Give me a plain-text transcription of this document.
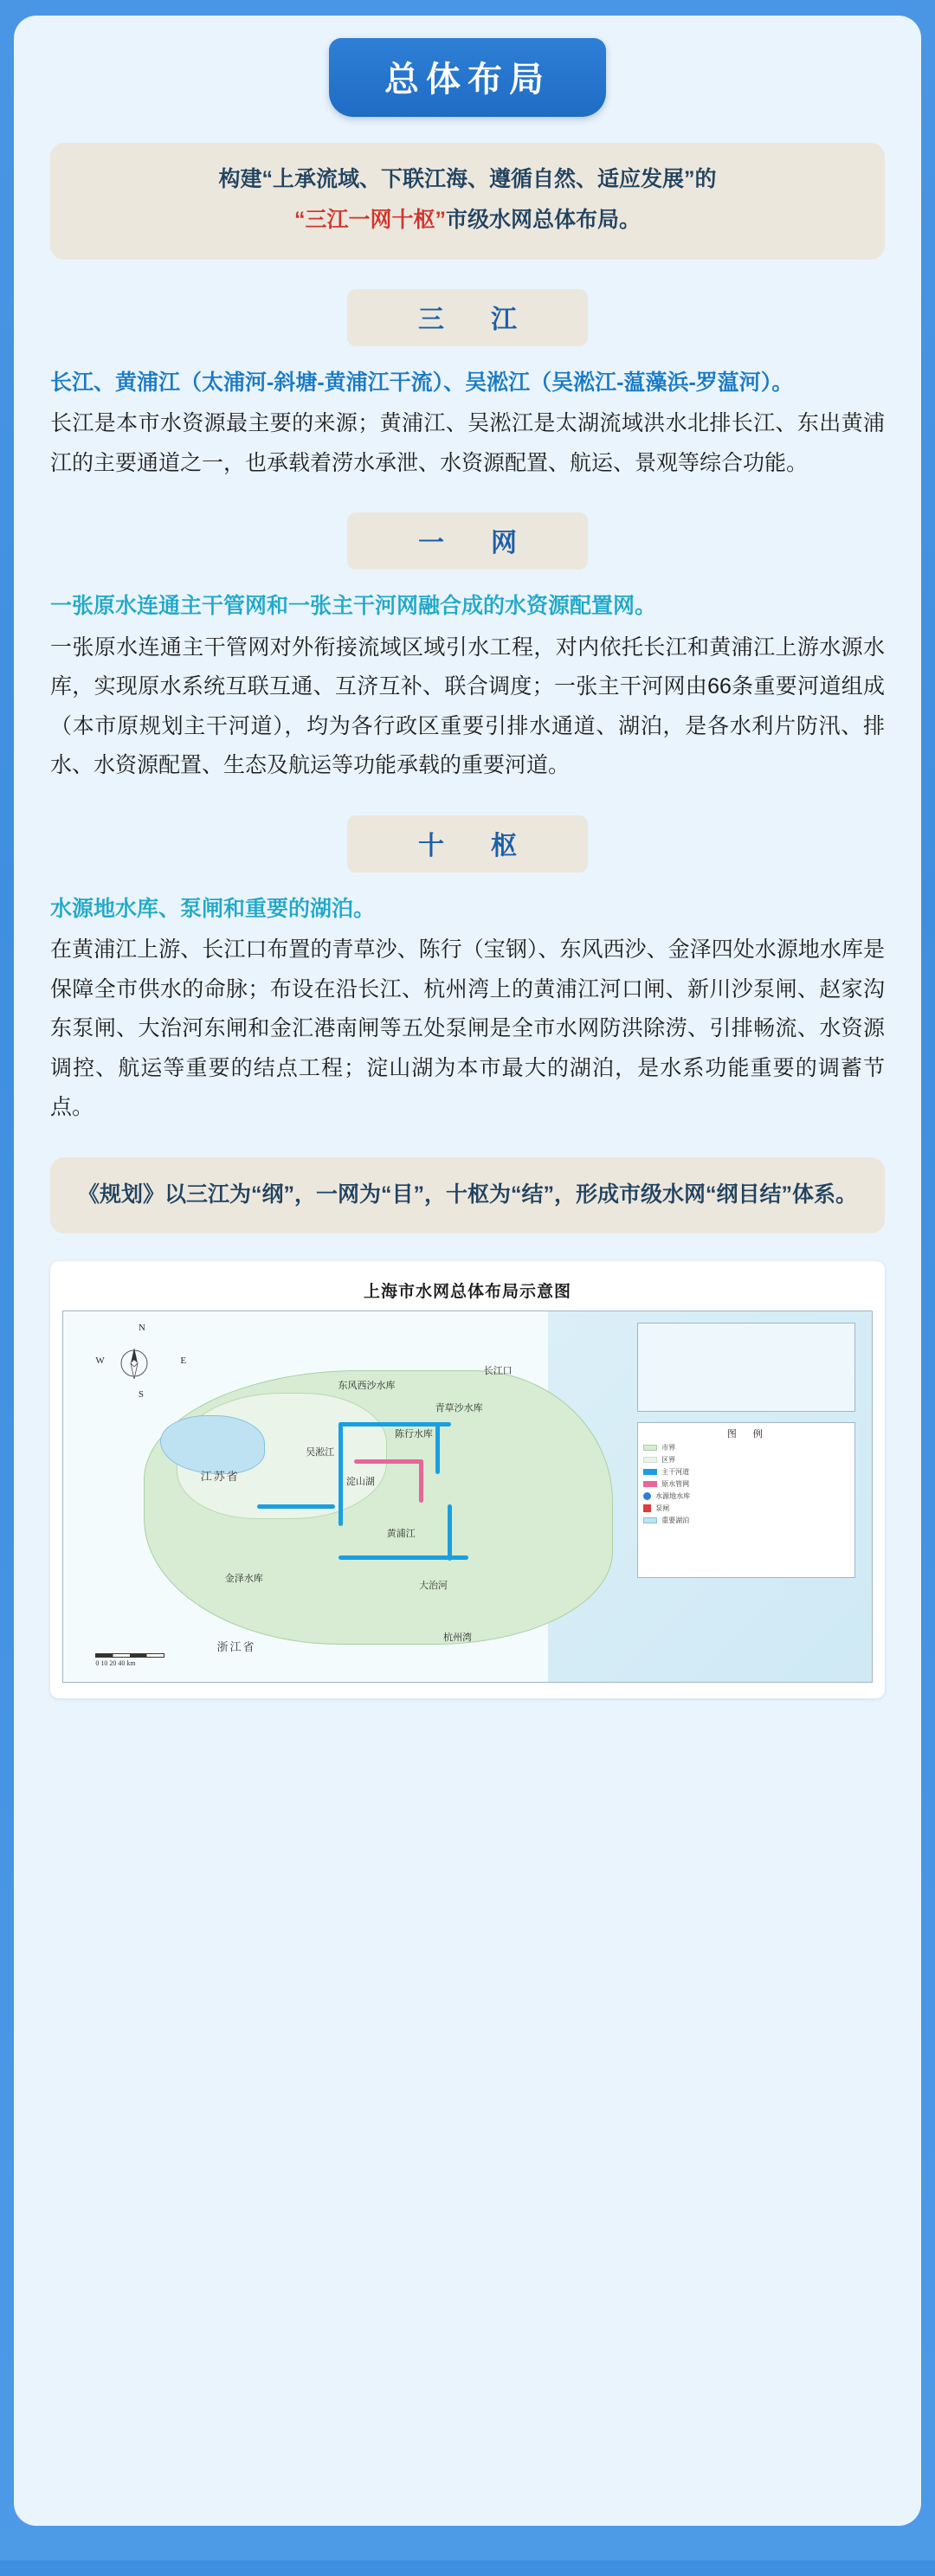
总体布局
构建“上承流域、下联江海、遵循自然、适应发展”的
“三江一网十枢”市级水网总体布局。
三　江
长江、黄浦江（太浦河-斜塘-黄浦江干流）、吴淞江（吴淞江-蕰藻浜-罗蕰河）。
长江是本市水资源最主要的来源；黄浦江、吴淞江是太湖流域洪水北排长江、东出黄浦江的主要通道之一，也承载着涝水承泄、水资源配置、航运、景观等综合功能。
一　网
一张原水连通主干管网和一张主干河网融合成的水资源配置网。
一张原水连通主干管网对外衔接流域区域引水工程，对内依托长江和黄浦江上游水源水库，实现原水系统互联互通、互济互补、联合调度；一张主干河网由66条重要河道组成（本市原规划主干河道），均为各行政区重要引排水通道、湖泊，是各水利片防汛、排水、水资源配置、生态及航运等功能承载的重要河道。
十　枢
水源地水库、泵闸和重要的湖泊。
在黄浦江上游、长江口布置的青草沙、陈行（宝钢）、东风西沙、金泽四处水源地水库是保障全市供水的命脉；布设在沿长江、杭州湾上的黄浦江河口闸、新川沙泵闸、赵家沟东泵闸、大治河东闸和金汇港南闸等五处泵闸是全市水网防洪除涝、引排畅流、水资源调控、航运等重要的结点工程；淀山湖为本市最大的湖泊，是水系功能重要的调蓄节点。
《规划》以三江为“纲”，一网为“目”，十枢为“结”，形成市级水网“纲目结”体系。
上海市水网总体布局示意图
N
S
W	E
江苏省
浙江省
长江口
杭州湾
东风西沙水库
青草沙水库
陈行水库
金泽水库
淀山湖
黄浦江
吴淞江
大治河
图　例
市界
区界
主干河道
原水管网
水源地水库
泵闸
重要湖泊
0 10 20 40 km
